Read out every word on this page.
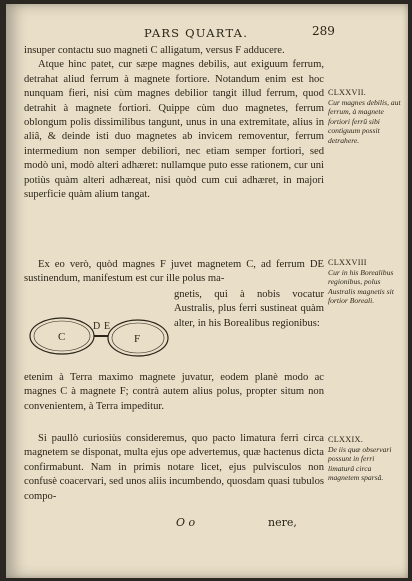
PARS QUARTA.	289

insuper contactu suo magneti C alligatum, versus F adducere.

Atque hinc patet, cur sæpe magnes debilis, aut exiguum ferrum, detrahat aliud ferrum à magnete fortiore. Notandum enim est hoc nunquam fieri, nisi cùm magnes debilior tangit illud ferrum, quod detrahit à magnete fortiori. Quippe cùm duo magnetes, ferrum oblongum polis dissimilibus tangunt, unus in una extremitate, alius in aliâ, & deinde isti duo magnetes ab invicem removentur, ferrum intermedium non semper debiliori, nec etiam semper fortiori, sed modò uni, modò alteri adhæret: nullamque puto esse rationem, cur uni potiùs quàm alteri adhæreat, nisi quòd cum cui adhæret, in majori superficie quàm alium tangat.

Ex eo verò, quòd magnes F juvet magnetem C, ad ferrum DE sustinendum, manifestum est cur ille polus ma-
C
D E
F
gnetis, qui à nobis vocatur Australis, plus ferri sustineat quàm alter, in his Borealibus regionibus:
etenim à Terra maximo magnete juvatur, eodem planè modo ac magnes C à magnete F; contrà autem alius polus, propter situm non convenientem, à Terra impeditur.
Si paullò curiosiùs consideremus, quo pacto limatura ferri circa magnetem se disponat, multa ejus ope advertemus, quæ hactenus dicta confirmabunt. Nam in primis notare licet, ejus pulvisculos non confusè coacervari, sed unos aliis incumbendo, quosdam quasi tubulos compo-
CLXXVII.
Cur magnes debilis, aut ferrum, à magnete fortiori ferrū sibi contiguum possit detrahere.
CLXXVIII
Cur in his Borealibus regionibus, polus Australis magnetis sit fortior Boreali.
CLXXIX.
De iis quæ observari possunt in ferri limaturâ circa magnetem sparsâ.
O o	nere,
